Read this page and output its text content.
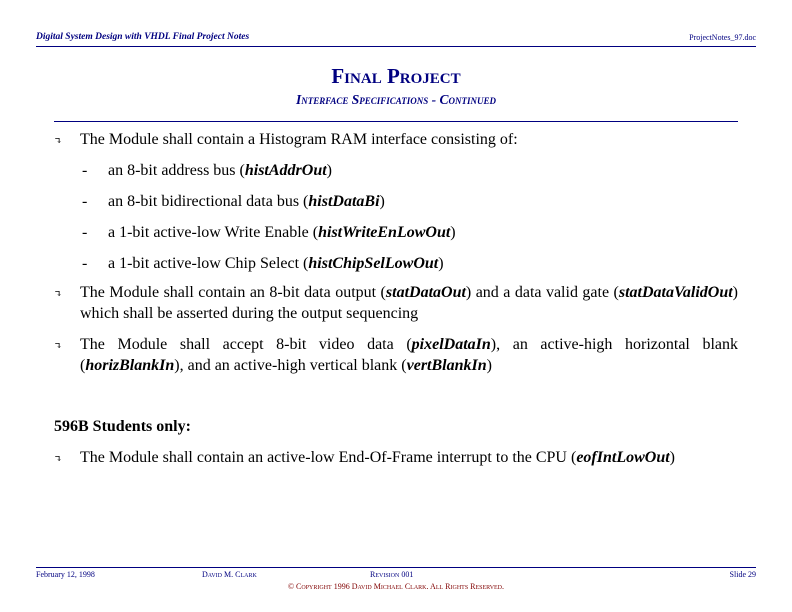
Digital System Design with VHDL Final Project Notes	ProjectNotes_97.doc
Final Project
Interface Specifications - Continued
↴ The Module shall contain a Histogram RAM interface consisting of:
- an 8-bit address bus (histAddrOut)
- an 8-bit bidirectional data bus (histDataBi)
- a 1-bit active-low Write Enable (histWriteEnLowOut)
- a 1-bit active-low Chip Select (histChipSelLowOut)
↴ The Module shall contain an 8-bit data output (statDataOut) and a data valid gate (statDataValidOut) which shall be asserted during the output sequencing
↴ The Module shall accept 8-bit video data (pixelDataIn), an active-high horizontal blank (horizBlankIn), and an active-high vertical blank (vertBlankIn)
596B Students only:
↴ The Module shall contain an active-low End-Of-Frame interrupt to the CPU (eofIntLowOut)
February 12, 1998	David M. Clark	Revision 001	Slide 29
© Copyright 1996 David Michael Clark. All Rights Reserved.
